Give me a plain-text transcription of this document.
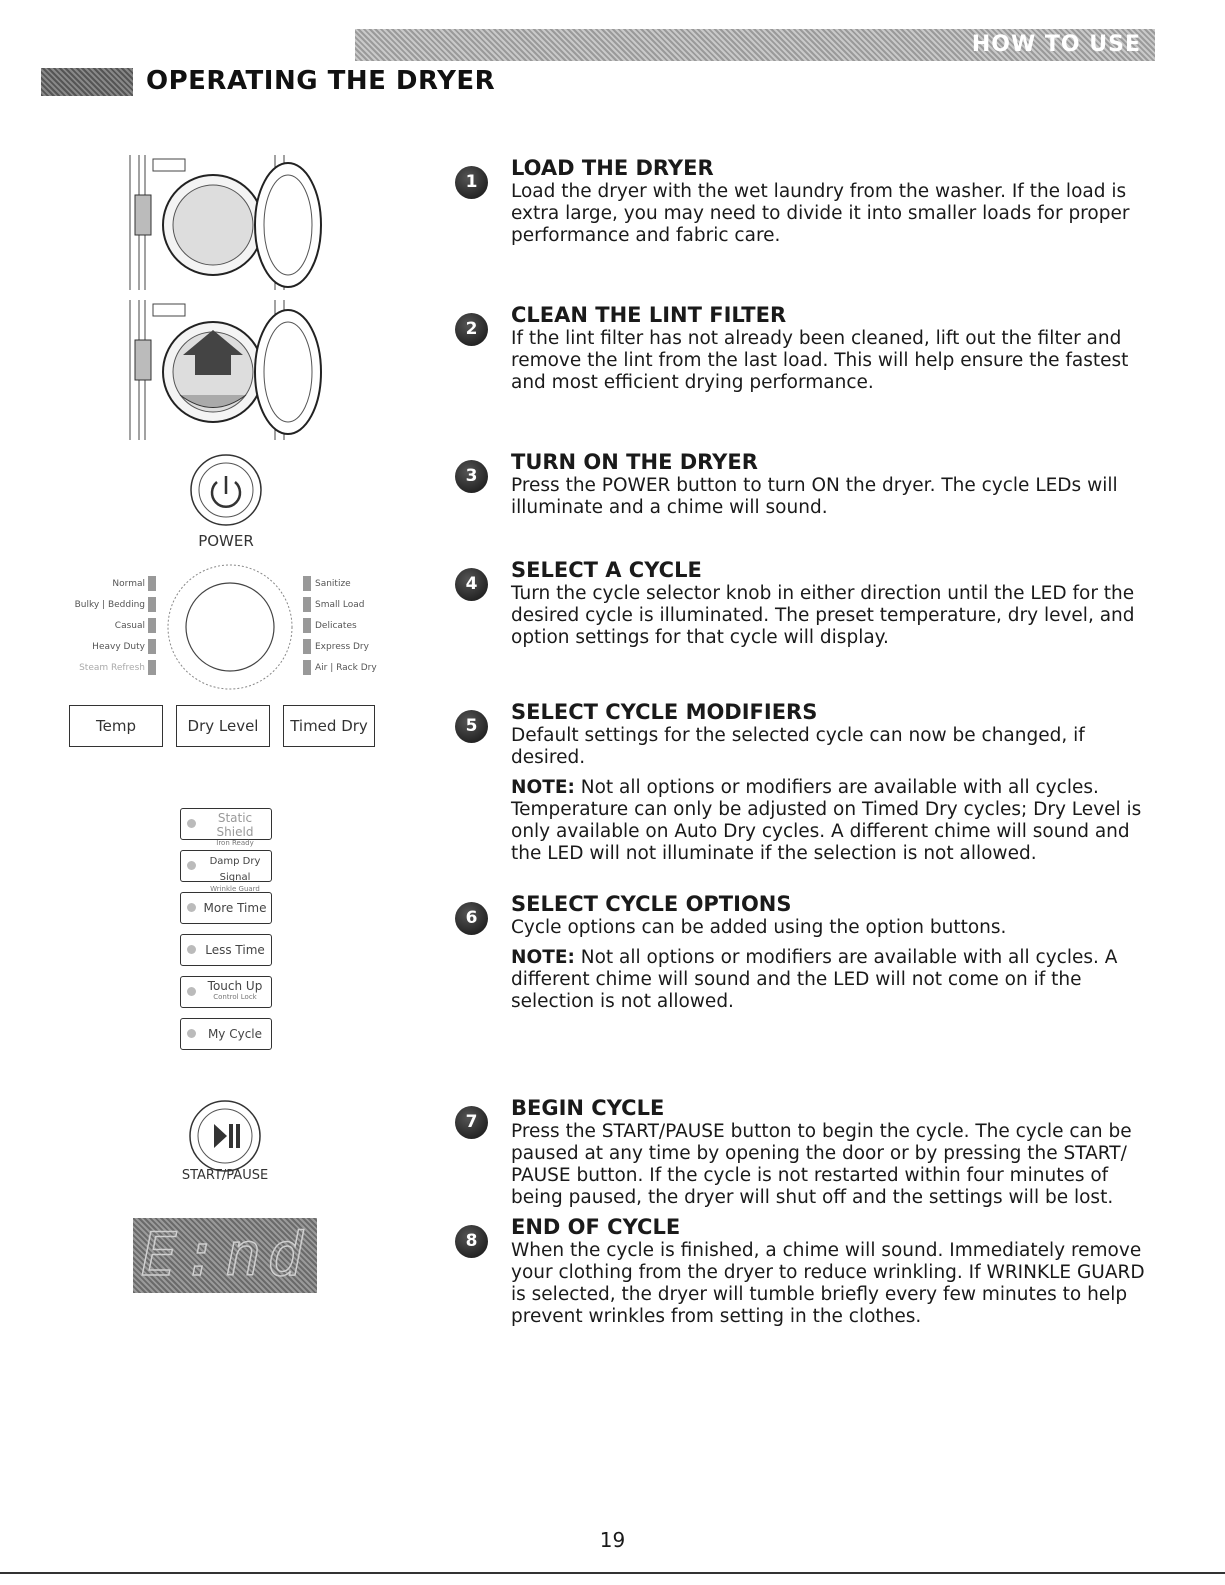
HOW TO USE
OPERATING THE DRYER
POWER
Normal
Bulky | Bedding
Casual
Heavy Duty
Steam Refresh
Sanitize
Small Load
Delicates
Express Dry
Air | Rack Dry
Temp	Dry Level	Timed Dry
Static Shield
Iron Ready
Damp Dry Signal
Wrinkle Guard
More Time
Less Time
Touch Up
Control Lock
My Cycle
START/PAUSE
E:nd
1
LOAD THE DRYER
Load the dryer with the wet laundry from the washer. If the load is extra large, you may need to divide it into smaller loads for proper performance and fabric care.
2
CLEAN THE LINT FILTER
If the lint filter has not already been cleaned, lift out the filter and remove the lint from the last load. This will help ensure the fastest and most efficient drying performance.
3
TURN ON THE DRYER
Press the POWER button to turn ON the dryer. The cycle LEDs will illuminate and a chime will sound.
4
SELECT A CYCLE
Turn the cycle selector knob in either direction until the LED for the desired cycle is illuminated. The preset temperature, dry level, and option settings for that cycle will display.
5
SELECT CYCLE MODIFIERS
Default settings for the selected cycle can now be changed, if desired.
NOTE: Not all options or modifiers are available with all cycles. Temperature can only be adjusted on Timed Dry cycles; Dry Level is only available on Auto Dry cycles. A different chime will sound and the LED will not illuminate if the selection is not allowed.
6
SELECT CYCLE OPTIONS
Cycle options can be added using the option buttons.
NOTE: Not all options or modifiers are available with all cycles. A different chime will sound and the LED will not come on if the selection is not allowed.
7
BEGIN CYCLE
Press the START/PAUSE button to begin the cycle. The cycle can be paused at any time by opening the door or by pressing the START/ PAUSE button. If the cycle is not restarted within four minutes of being paused, the dryer will shut off and the settings will be lost.
8
END OF CYCLE
When the cycle is finished, a chime will sound. Immediately remove your clothing from the dryer to reduce wrinkling. If WRINKLE GUARD is selected, the dryer will tumble briefly every few minutes to help prevent wrinkles from setting in the clothes.
19
